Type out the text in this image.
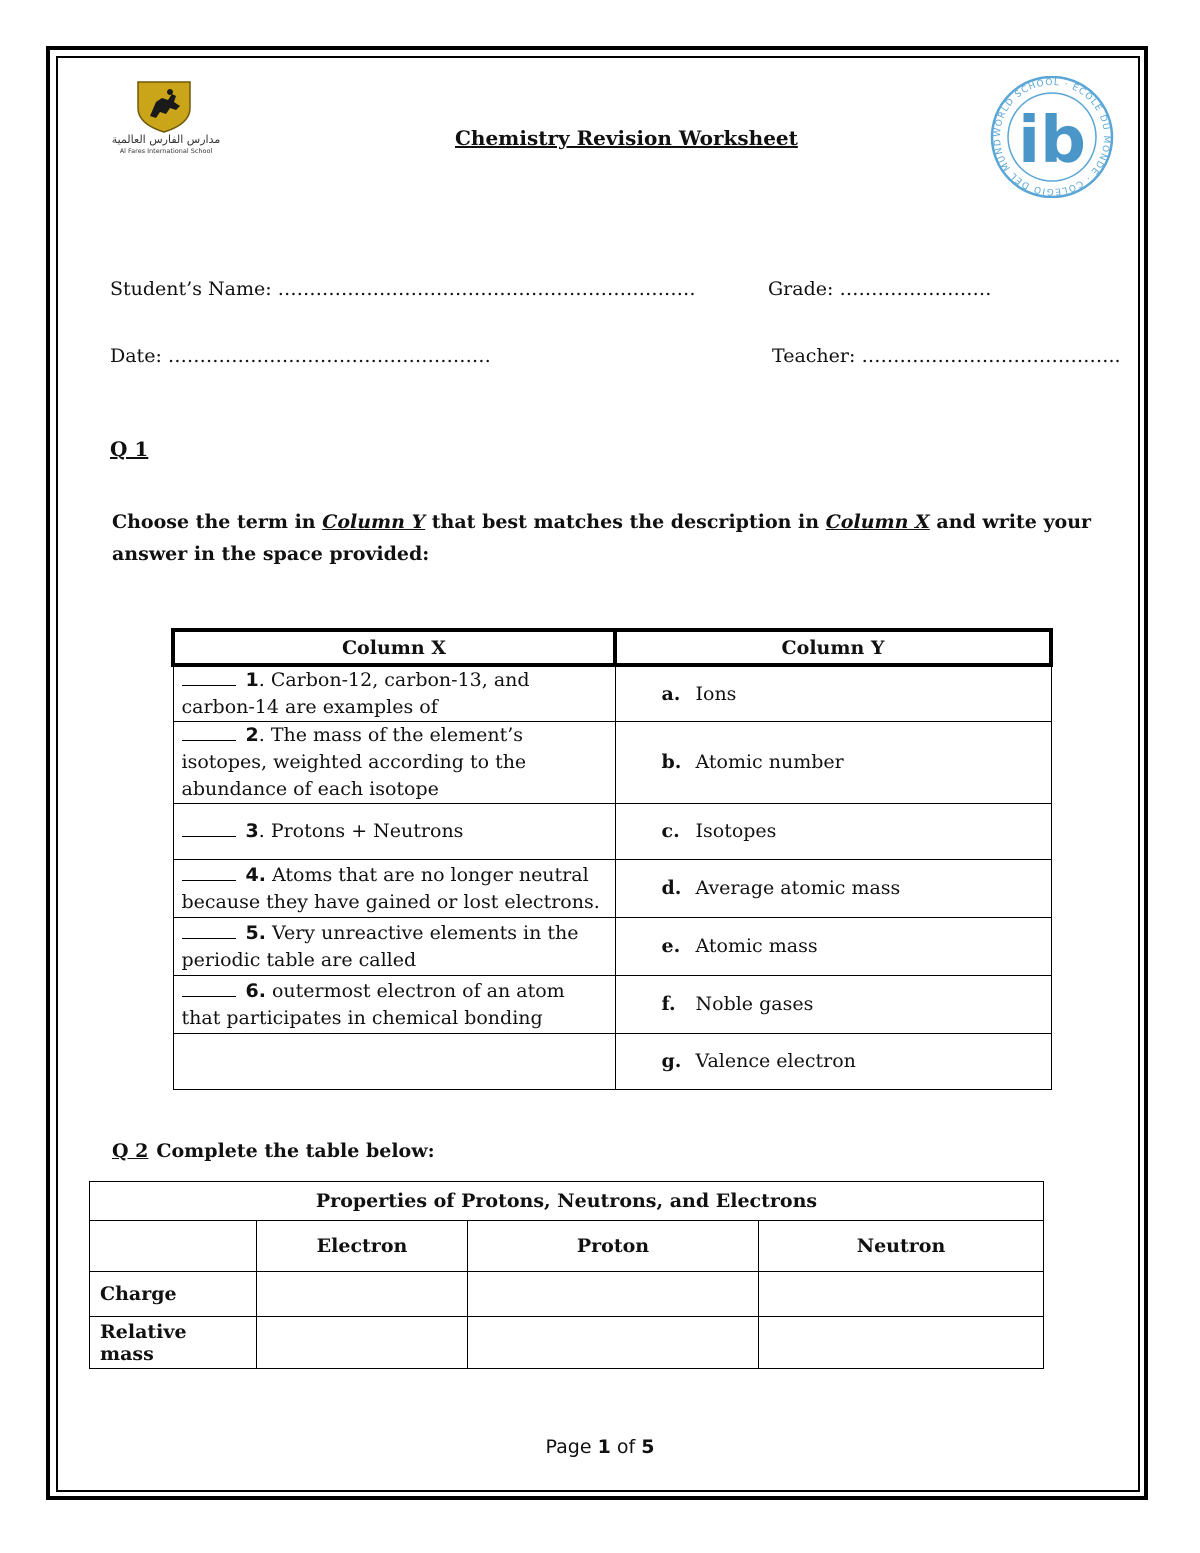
مدارس الفارس العالمية
Al Fares International School
WORLD SCHOOL · ÉCOLE DU MONDE · COLEGIO DEL MUND ib
Chemistry Revision Worksheet
Student’s Name: …………………………………………………………	Grade: ……………………
Date: ……………………………………………	Teacher: …………………………………..
Q 1
Choose the term in Column Y that best matches the description in Column X and write your answer in the space provided:
Column X	Column Y
1. Carbon-12, carbon-13, and carbon-14 are examples of	a. Ions
2. The mass of the element’s isotopes, weighted according to the abundance of each isotope	b. Atomic number
3. Protons + Neutrons	c. Isotopes
4. Atoms that are no longer neutral because they have gained or lost electrons.	d. Average atomic mass
5. Very unreactive elements in the periodic table are called	e. Atomic mass
6. outermost electron of an atom that participates in chemical bonding	f. Noble gases
	g. Valence electron
Q 2 Complete the table below:
Properties of Protons, Neutrons, and Electrons			
	Electron	Proton	Neutron
Charge			
Relative mass			
Page 1 of 5
